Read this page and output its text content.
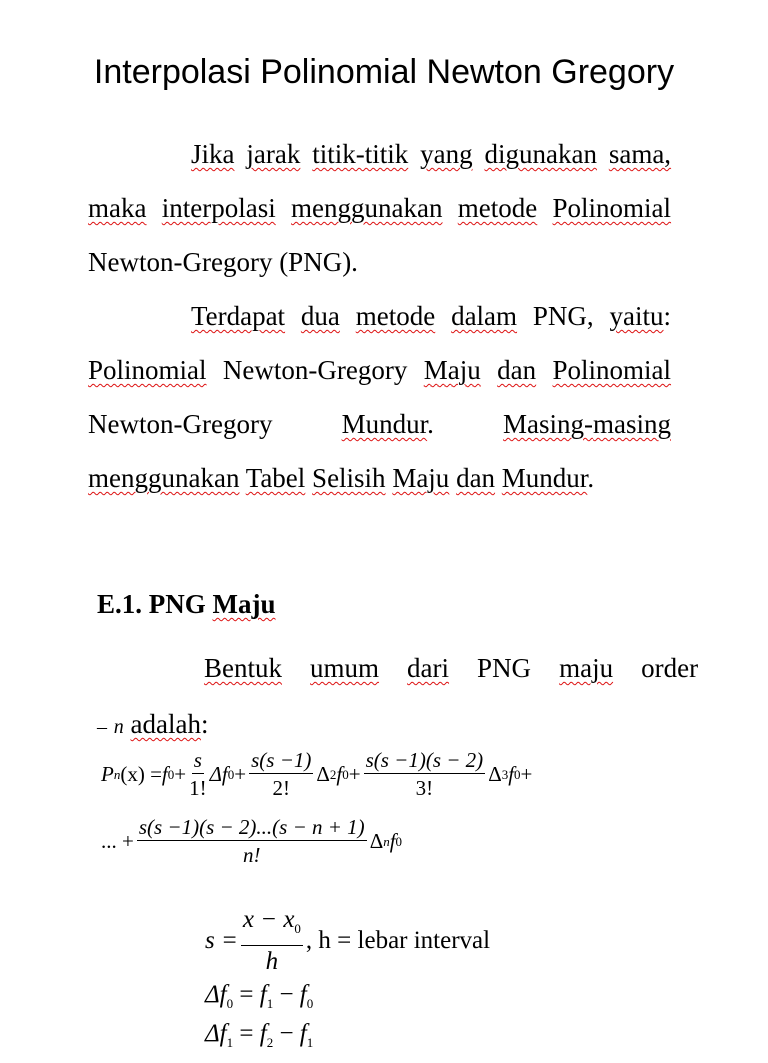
Interpolasi Polinomial Newton Gregory

Jika jarak titik-titik yang digunakan sama, maka interpolasi menggunakan metode Polinomial Newton-Gregory (PNG).

Terdapat dua metode dalam PNG, yaitu: Polinomial Newton-Gregory Maju dan Polinomial Newton-Gregory	Mundur.	Masing-masing menggunakan Tabel Selisih Maju dan Mundur.

E.1. PNG Maju
Bentuk umum dari PNG maju order
– n adalah:
P n (x) = f $0 + \frac{s}{1!}$ Δf $0 + \frac{s(s -1)}{2!}$ Δ 2 f $0 + \frac{s(s -1)(s - 2)}{3!}$ Δ 3 f 0 +
... + $\frac{s(s -1)(s - 2)...(s - n + 1)}{n!}$ Δ n f 0
$s = \frac{x - x_0}{h}$ , h = lebar interval
$\Delta f_0 = f_1 - f_0$
$\Delta f_1 = f_2 - f_1$
